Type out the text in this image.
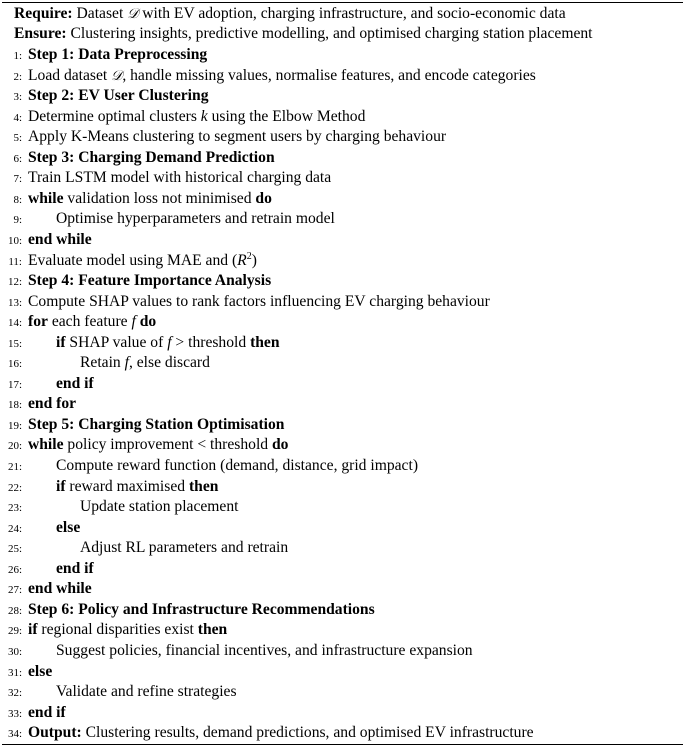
Require: Dataset 𝒟 with EV adoption, charging infrastructure, and socio-economic data
Ensure: Clustering insights, predictive modelling, and optimised charging station placement
1: Step 1: Data Preprocessing
2: Load dataset 𝒟, handle missing values, normalise features, and encode categories
3: Step 2: EV User Clustering
4: Determine optimal clusters k using the Elbow Method
5: Apply K-Means clustering to segment users by charging behaviour
6: Step 3: Charging Demand Prediction
7: Train LSTM model with historical charging data
8: while validation loss not minimised do
9: Optimise hyperparameters and retrain model
10: end while
11: Evaluate model using MAE and $(R^2)$
12: Step 4: Feature Importance Analysis
13: Compute SHAP values to rank factors influencing EV charging behaviour
14: for each feature f do
15: if SHAP value of f > threshold then
16:	Retain f, else discard
17: end if
18: end for
19: Step 5: Charging Station Optimisation
20: while policy improvement < threshold do
21: Compute reward function (demand, distance, grid impact)
22: if reward maximised then
23:	Update station placement
24: else
25:	Adjust RL parameters and retrain
26: end if
27: end while
28: Step 6: Policy and Infrastructure Recommendations
29: if regional disparities exist then
30: Suggest policies, financial incentives, and infrastructure expansion
31: else
32: Validate and refine strategies
33: end if
34: Output: Clustering results, demand predictions, and optimised EV infrastructure
